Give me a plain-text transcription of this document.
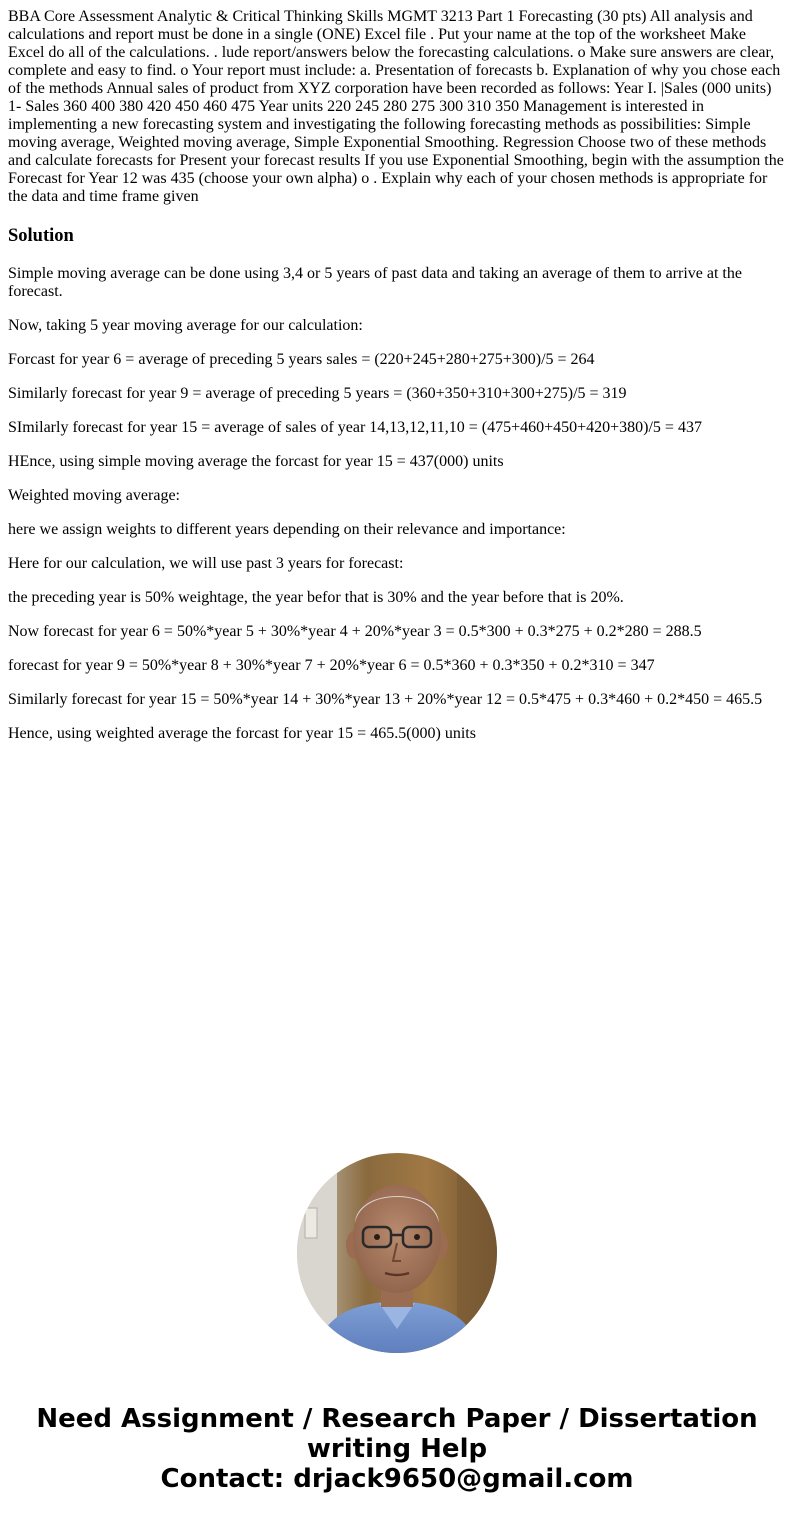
BBA Core Assessment Analytic & Critical Thinking Skills MGMT 3213 Part 1 Forecasting (30 pts) All analysis and calculations and report must be done in a single (ONE) Excel file . Put your name at the top of the worksheet Make Excel do all of the calculations. . lude report/answers below the forecasting calculations. o Make sure answers are clear, complete and easy to find. o Your report must include: a. Presentation of forecasts b. Explanation of why you chose each of the methods Annual sales of product from XYZ corporation have been recorded as follows: Year I. |Sales (000 units) 1- Sales 360 400 380 420 450 460 475 Year units 220 245 280 275 300 310 350 Management is interested in implementing a new forecasting system and investigating the following forecasting methods as possibilities: Simple moving average, Weighted moving average, Simple Exponential Smoothing. Regression Choose two of these methods and calculate forecasts for Present your forecast results If you use Exponential Smoothing, begin with the assumption the Forecast for Year 12 was 435 (choose your own alpha) o . Explain why each of your chosen methods is appropriate for the data and time frame given

Solution

Simple moving average can be done using 3,4 or 5 years of past data and taking an average of them to arrive at the forecast.

Now, taking 5 year moving average for our calculation:

Forcast for year 6 = average of preceding 5 years sales = (220+245+280+275+300)/5 = 264

Similarly forecast for year 9 = average of preceding 5 years = (360+350+310+300+275)/5 = 319

SImilarly forecast for year 15 = average of sales of year 14,13,12,11,10 = (475+460+450+420+380)/5 = 437

HEnce, using simple moving average the forcast for year 15 = 437(000) units

Weighted moving average:

here we assign weights to different years depending on their relevance and importance:

Here for our calculation, we will use past 3 years for forecast:

the preceding year is 50% weightage, the year befor that is 30% and the year before that is 20%.

Now forecast for year 6 = 50%*year 5 + 30%*year 4 + 20%*year 3 = 0.5*300 + 0.3*275 + 0.2*280 = 288.5

forecast for year 9 = 50%*year 8 + 30%*year 7 + 20%*year 6 = 0.5*360 + 0.3*350 + 0.2*310 = 347

Similarly forecast for year 15 = 50%*year 14 + 30%*year 13 + 20%*year 12 = 0.5*475 + 0.3*460 + 0.2*450 = 465.5

Hence, using weighted average the forcast for year 15 = 465.5(000) units

Need Assignment / Research Paper / Dissertation
writing Help
Contact: drjack9650@gmail.com
